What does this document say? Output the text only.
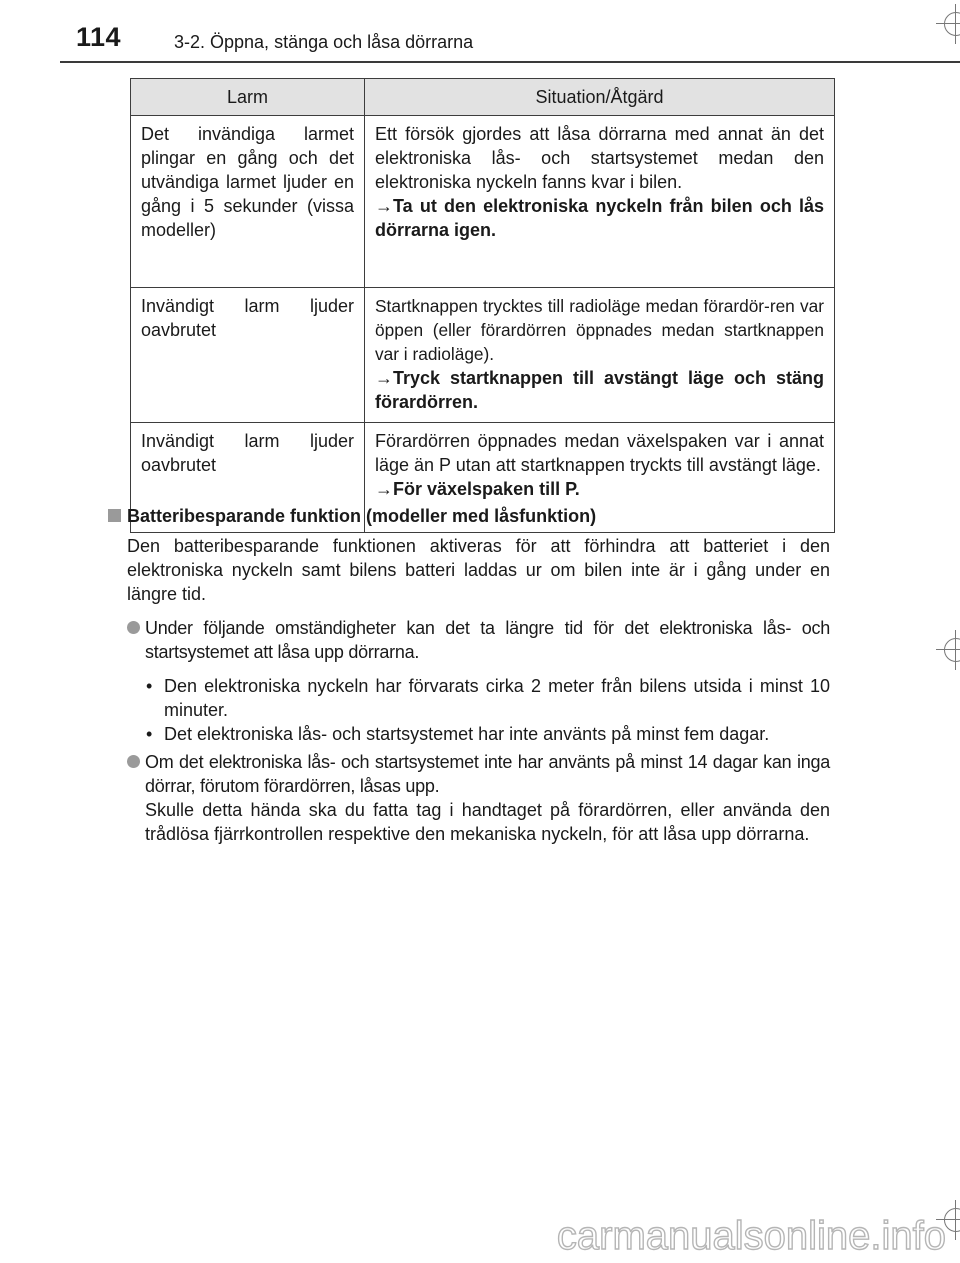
114	3-2. Öppna, stänga och låsa dörrarna
Larm	Situation/Åtgärd
Det invändiga larmet plingar en gång och det utvändiga larmet ljuder en gång i 5 sekunder (vissa modeller)	Ett försök gjordes att låsa dörrarna med annat än det elektroniska lås- och startsystemet medan den elektroniska nyckeln fanns kvar i bilen.
→Ta ut den elektroniska nyckeln från bilen och lås dörrarna igen.

Invändigt larm ljuder oavbrutet	Startknappen trycktes till radioläge medan förardör-ren var öppen (eller förardörren öppnades medan startknappen var i radioläge).
→Tryck startknappen till avstängt läge och stäng förardörren.

Invändigt larm ljuder oavbrutet	Förardörren öppnades medan växelspaken var i annat läge än P utan att startknappen tryckts till avstängt läge.
→För växelspaken till P.
Batteribesparande funktion (modeller med låsfunktion)
Den batteribesparande funktionen aktiveras för att förhindra att batteriet i den elektroniska nyckeln samt bilens batteri laddas ur om bilen inte är i gång under en längre tid.
Under följande omständigheter kan det ta längre tid för det elektroniska lås- och startsystemet att låsa upp dörrarna.
• Den elektroniska nyckeln har förvarats cirka 2 meter från bilens utsida i minst 10 minuter.
• Det elektroniska lås- och startsystemet har inte använts på minst fem dagar.
Om det elektroniska lås- och startsystemet inte har använts på minst 14 dagar kan inga dörrar, förutom förardörren, låsas upp.
Skulle detta hända ska du fatta tag i handtaget på förardörren, eller använda den trådlösa fjärrkontrollen respektive den mekaniska nyckeln, för att låsa upp dörrarna.
carmanualsonline.info
